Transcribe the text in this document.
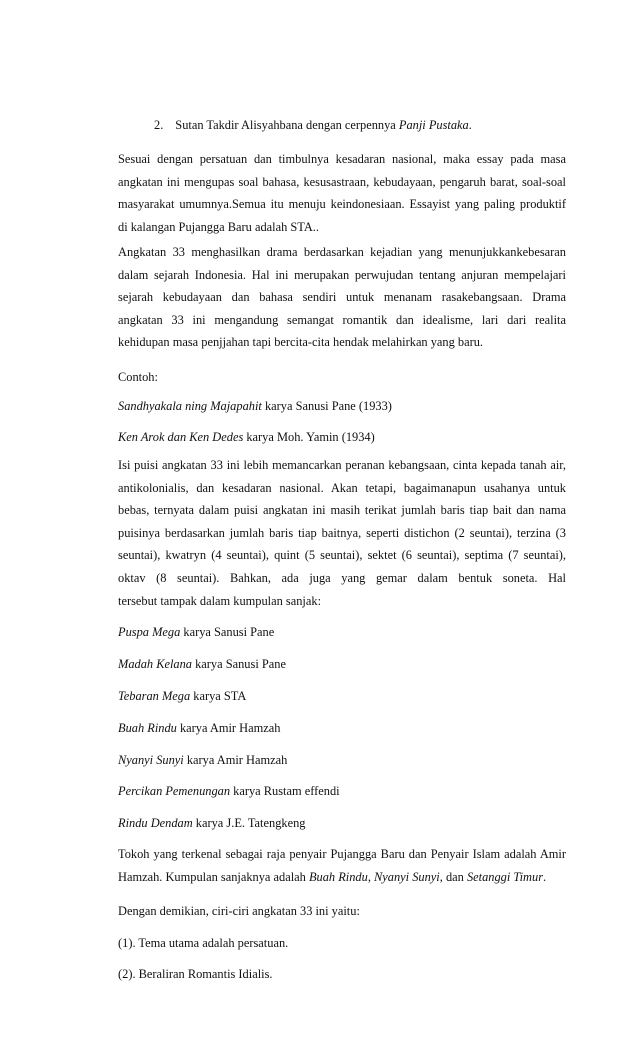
2. Sutan Takdir Alisyahbana dengan cerpennya Panji Pustaka.
Sesuai dengan persatuan dan timbulnya kesadaran nasional, maka essay pada masa
angkatan ini mengupas soal bahasa, kesusastraan, kebudayaan, pengaruh barat, soal-soal
masyarakat umumnya.Semua itu menuju keindonesiaan. Essayist yang paling produktif
di kalangan Pujangga Baru adalah STA..
Angkatan 33 menghasilkan drama berdasarkan kejadian yang menunjukkankebesaran
dalam sejarah Indonesia. Hal ini merupakan perwujudan tentang anjuran mempelajari
sejarah kebudayaan dan bahasa sendiri untuk menanam rasakebangsaan. Drama
angkatan 33 ini mengandung semangat romantik dan idealisme, lari dari realita
kehidupan masa penjjahan tapi bercita-cita hendak melahirkan yang baru.
Contoh:
Sandhyakala ning Majapahit karya Sanusi Pane (1933)
Ken Arok dan Ken Dedes karya Moh. Yamin (1934)
Isi puisi angkatan 33 ini lebih memancarkan peranan kebangsaan, cinta kepada tanah air,
antikolonialis, dan kesadaran nasional. Akan tetapi, bagaimanapun usahanya untuk
bebas, ternyata dalam puisi angkatan ini masih terikat jumlah baris tiap bait dan nama
puisinya berdasarkan jumlah baris tiap baitnya, seperti distichon (2 seuntai), terzina (3
seuntai), kwatryn (4 seuntai), quint (5 seuntai), sektet (6 seuntai), septima (7 seuntai),
oktav (8 seuntai). Bahkan, ada juga yang gemar dalam bentuk soneta. Hal
tersebut tampak dalam kumpulan sanjak:
Puspa Mega karya Sanusi Pane
Madah Kelana karya Sanusi Pane
Tebaran Mega karya STA
Buah Rindu karya Amir Hamzah
Nyanyi Sunyi karya Amir Hamzah
Percikan Pemenungan karya Rustam effendi
Rindu Dendam karya J.E. Tatengkeng
Tokoh yang terkenal sebagai raja penyair Pujangga Baru dan Penyair Islam adalah Amir
Hamzah. Kumpulan sanjaknya adalah Buah Rindu, Nyanyi Sunyi, dan Setanggi Timur.
Dengan demikian, ciri-ciri angkatan 33 ini yaitu:
(1). Tema utama adalah persatuan.
(2). Beraliran Romantis Idialis.
